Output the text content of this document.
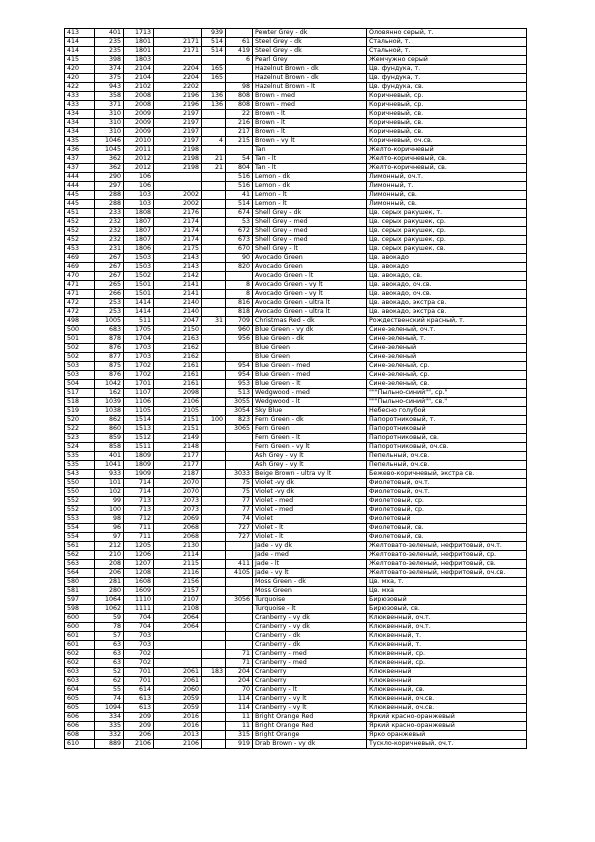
413	401	1713		939		Pewter Grey - dk	Оловянно серый, т.
414	235	1801	2171	514	61	Steel Grey - dk	Стальной, т.
414	235	1801	2171	514	419	Steel Grey - dk	Стальной, т.
415	398	1803			6	Pearl Grey	Жемчужно серый
420	374	2104	2204	165		Hazelnut Brown - dk	Цв. фундука, т.
420	375	2104	2204	165		Hazelnut Brown - dk	Цв. фундука, т.
422	943	2102	2202		98	Hazelnut Brown - lt	Цв. фундука, св.
433	358	2008	2196	136	808	Brown - med	Коричневый, ср.
433	371	2008	2196	136	808	Brown - med	Коричневый, ср.
434	310	2009	2197		22	Brown - lt	Коричневый, св.
434	310	2009	2197		216	Brown - lt	Коричневый, св.
434	310	2009	2197		217	Brown - lt	Коричневый, св.
435	1046	2010	2197	4	215	Brown - vy lt	Коричневый, оч.св.
436	1045	2011	2198			Tan	Желто-коричневый
437	362	2012	2198	21	54	Tan - lt	Желто-коричневый, св.
437	362	2012	2198	21	804	Tan - lt	Желто-коричневый, св.
444	290	106			516	Lemon - dk	Лимонный, оч.т.
444	297	106			516	Lemon - dk	Лимонный, т.
445	288	103	2002		41	Lemon - lt	Лимонный, св.
445	288	103	2002		514	Lemon - lt	Лимонный, св.
451	233	1808	2176		674	Shell Grey - dk	Цв. серых ракушек, т.
452	232	1807	2174		53	Shell Grey - med	Цв. серых ракушек, ср.
452	232	1807	2174		672	Shell Grey - med	Цв. серых ракушек, ср.
452	232	1807	2174		673	Shell Grey - med	Цв. серых ракушек, ср.
453	231	1806	2175		670	Shell Grey - lt	Цв. серых ракушек, св.
469	267	1503	2143		90	Avocado Green	Цв. авокадо
469	267	1503	2143		820	Avocado Green	Цв. авокадо
470	267	1502	2142			Avocado Green - lt	Цв. авокадо, св.
471	265	1501	2141		8	Avocado Green - vy lt	Цв. авокадо, оч.св.
471	266	1501	2141		8	Avocado Green - vy lt	Цв. авокадо, оч.св.
472	253	1414	2140		816	Avocado Green - ultra lt	Цв. авокадо, экстра св.
472	253	1414	2140		818	Avocado Green - ultra lt	Цв. авокадо, экстра св.
498	1005	511	2047	31	709	Christmas Red - dk	Рождественский красный, т.
500	683	1705	2150		960	Blue Green - vy dk	Сине-зеленый, оч.т.
501	878	1704	2163		956	Blue Green - dk	Сине-зеленый, т.
502	876	1703	2162			Blue Green	Сине-зеленый
502	877	1703	2162			Blue Green	Сине-зеленый
503	875	1702	2161		954	Blue Green - med	Сине-зеленый, ср.
503	876	1702	2161		954	Blue Green - med	Сине-зеленый, ср.
504	1042	1701	2161		953	Blue Green - lt	Сине-зеленый, св.
517	162	1107	2098		513	Wedgwood - med	"""Пыльно-синий"", ср."
518	1039	1106	2106		3055	Wedgwood - lt	"""Пыльно-синий"", св."
519	1038	1105	2105		3054	Sky Blue	Небесно голубой
520	862	1514	2151	100	823	Fern Green - dk	Папоротниковый, т.
522	860	1513	2151		3065	Fern Green	Папоротниковый
523	859	1512	2149			Fern Green - lt	Папоротниковый, св.
524	858	1511	2148			Fern Green - vy lt	Папоротниковый, оч.св.
535	401	1809	2177			Ash Grey - vy lt	Пепельный, оч.св.
535	1041	1809	2177			Ash Grey - vy lt	Пепельный, оч.св.
543	933	1909	2187		3033	Beige Brown - ultra vy lt	Бежево-коричневый, экстра св.
550	101	714	2070		75	Violet -vy dk	Фиолетовый, оч.т.
550	102	714	2070		75	Violet -vy dk	Фиолетовый, оч.т.
552	99	713	2073		77	Violet - med	Фиолетовый, ср.
552	100	713	2073		77	Violet - med	Фиолетовый, ср.
553	98	712	2069		74	Violet	Фиолетовый
554	96	711	2068		727	Violet - lt	Фиолетовый, св.
554	97	711	2068		727	Violet - lt	Фиолетовый, св.
561	212	1205	2130			Jade - vy dk	Желтовато-зеленый, нефритовый, оч.т.
562	210	1206	2114			Jade - med	Желтовато-зеленый, нефритовый, ср.
563	208	1207	2115		411	Jade - lt	Желтовато-зеленый, нефритовый, св.
564	206	1208	2116		4105	Jade - vy lt	Желтовато-зеленый, нефритовый, оч.св.
580	281	1608	2156			Moss Green - dk	Цв. мха, т.
581	280	1609	2157			Moss Green	Цв. мха
597	1064	1110	2107		3056	Turquoise	Бирюзовый
598	1062	1111	2108			Turquoise - lt	Бирюзовый, св.
600	59	704	2064			Cranberry - vy dk	Клюквенный, оч.т.
600	78	704	2064			Cranberry - vy dk	Клюквенный, оч.т.
601	57	703				Cranberry - dk	Клюквенный, т.
601	63	703				Cranberry - dk	Клюквенный, т.
602	63	702			71	Cranberry - med	Клюквенный, ср.
602	63	702			71	Cranberry - med	Клюквенный, ср.
603	52	701	2061	183	204	Cranberry	Клюквенный
603	62	701	2061		204	Cranberry	Клюквенный
604	55	614	2060		70	Cranberry - lt	Клюквенный, св.
605	74	613	2059		114	Cranberry - vy lt	Клюквенный, оч.св.
605	1094	613	2059		114	Cranberry - vy lt	Клюквенный, оч.св.
606	334	209	2016		11	Bright Orange Red	Яркий красно-оранжевый
606	335	209	2016		11	Bright Orange Red	Яркий красно-оранжевый
608	332	206	2013		315	Bright Orange	Ярко оранжевый
610	889	2106	2106		919	Drab Brown - vy dk	Тускло-коричневый, оч.т.
